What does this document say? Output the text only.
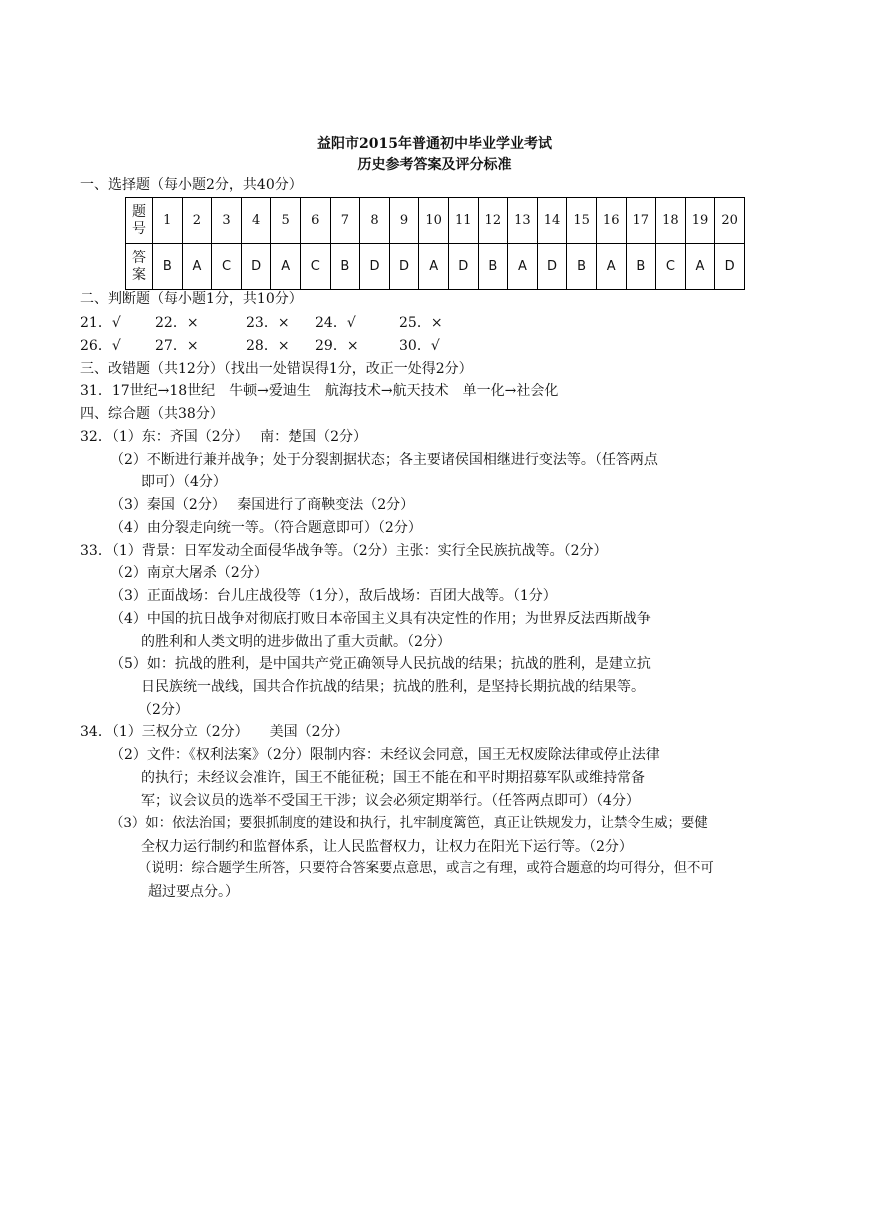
益阳市2015年普通初中毕业学业考试
历史参考答案及评分标准
一、选择题（每小题2分，共40分）
题号	1	2	3	4	5	6	7	8	9	10	11	12	13	14	15	16	17	18	19	20
答案	B	A	C	D	A	C	B	D	D	A	D	B	A	D	B	A	B	C	A	D
二、判断题（每小题1分，共10分）
21．√ 22．×	23．× 24．√	25．×
26．√ 27．×	28．× 29．×	30．√
三、改错题（共12分）（找出一处错误得1分，改正一处得2分）
31．17世纪→18世纪　牛顿→爱迪生　航海技术→航天技术　单一化→社会化
四、综合题（共38分）
32．（1）东：齐国（2分）　 南：楚国（2分）
（2）不断进行兼并战争；处于分裂割据状态；各主要诸侯国相继进行变法等。（任答两点
即可）（4分）
（3）秦国（2分）　 秦国进行了商鞅变法（2分）
（4）由分裂走向统一等。（符合题意即可）（2分）
33．（1）背景：日军发动全面侵华战争等。（2分）主张：实行全民族抗战等。（2分）
（2）南京大屠杀（2分）
（3）正面战场：台儿庄战役等（1分），敌后战场：百团大战等。（1分）
（4）中国的抗日战争对彻底打败日本帝国主义具有决定性的作用；为世界反法西斯战争
的胜利和人类文明的进步做出了重大贡献。（2分）
（5）如：抗战的胜利，是中国共产党正确领导人民抗战的结果；抗战的胜利，是建立抗
日民族统一战线，国共合作抗战的结果；抗战的胜利，是坚持长期抗战的结果等。
（2分）
34．（1）三权分立（2分）　　美国（2分）
（2）文件：《权利法案》（2分）限制内容：未经议会同意，国王无权废除法律或停止法律
的执行；未经议会准许，国王不能征税；国王不能在和平时期招募军队或维持常备
军；议会议员的选举不受国王干涉；议会必须定期举行。（任答两点即可）（4分）
（3）如：依法治国；要狠抓制度的建设和执行，扎牢制度篱笆，真正让铁规发力，让禁令生威；要健
全权力运行制约和监督体系，让人民监督权力，让权力在阳光下运行等。（2分）
（说明：综合题学生所答，只要符合答案要点意思，或言之有理，或符合题意的均可得分，但不可
超过要点分。）
